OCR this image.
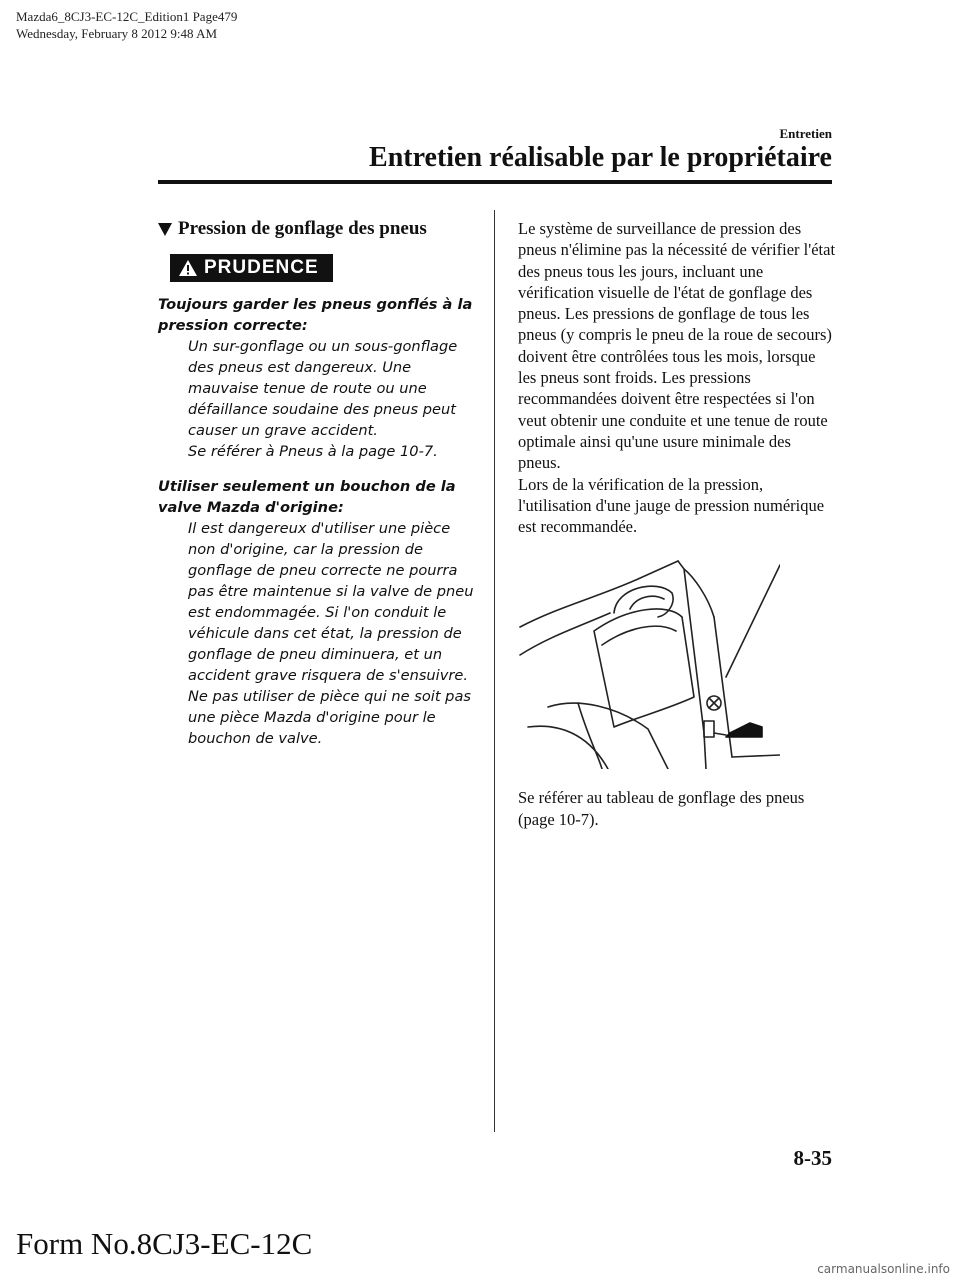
Mazda6_8CJ3-EC-12C_Edition1 Page479
Wednesday, February 8 2012 9:48 AM
Entretien
Entretien réalisable par le propriétaire
Pression de gonflage des pneus
PRUDENCE

Toujours garder les pneus gonflés à la pression correcte:

Un sur-gonflage ou un sous-gonflage des pneus est dangereux. Une mauvaise tenue de route ou une défaillance soudaine des pneus peut causer un grave accident.

Se référer à Pneus à la page 10-7.

Utiliser seulement un bouchon de la valve Mazda d'origine:

Il est dangereux d'utiliser une pièce non d'origine, car la pression de gonflage de pneu correcte ne pourra pas être maintenue si la valve de pneu est endommagée. Si l'on conduit le véhicule dans cet état, la pression de gonflage de pneu diminuera, et un accident grave risquera de s'ensuivre. Ne pas utiliser de pièce qui ne soit pas une pièce Mazda d'origine pour le bouchon de valve.

Le système de surveillance de pression des pneus n'élimine pas la nécessité de vérifier l'état des pneus tous les jours, incluant une vérification visuelle de l'état de gonflage des pneus. Les pressions de gonflage de tous les pneus (y compris le pneu de la roue de secours) doivent être contrôlées tous les mois, lorsque les pneus sont froids. Les pressions recommandées doivent être respectées si l'on veut obtenir une conduite et une tenue de route optimale ainsi qu'une usure minimale des pneus.

Lors de la vérification de la pression, l'utilisation d'une jauge de pression numérique est recommandée.

Se référer au tableau de gonflage des pneus (page 10-7).

8-35
Form No.8CJ3-EC-12C
carmanualsonline.info
